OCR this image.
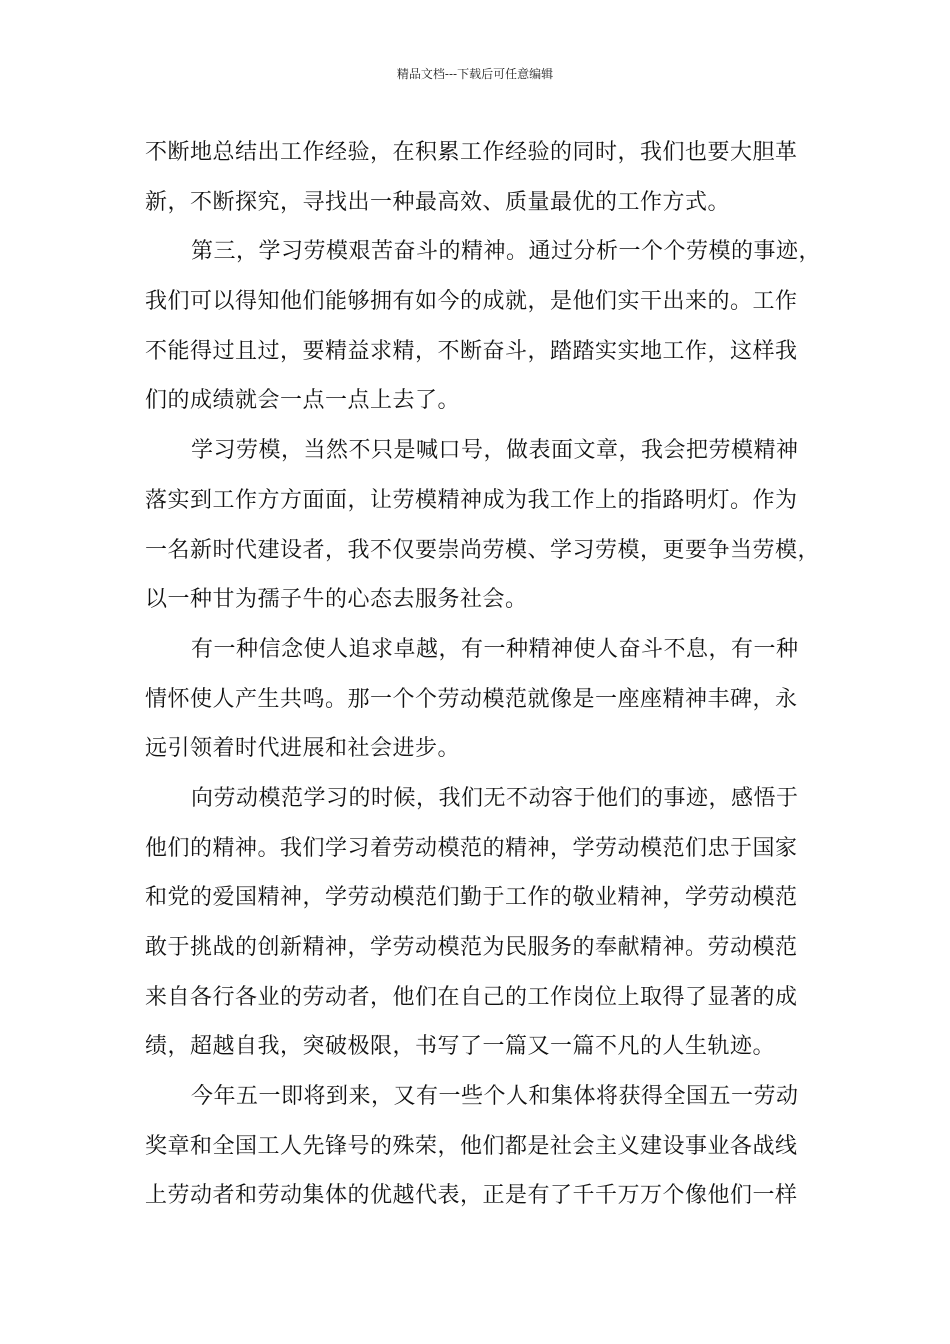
精品文档---下载后可任意编辑
不断地总结出工作经验，在积累工作经验的同时，我们也要大胆革
新，不断探究，寻找出一种最高效、质量最优的工作方式。
第三，学习劳模艰苦奋斗的精神。通过分析一个个劳模的事迹，
我们可以得知他们能够拥有如今的成就，是他们实干出来的。工作
不能得过且过，要精益求精，不断奋斗，踏踏实实地工作，这样我
们的成绩就会一点一点上去了。
学习劳模，当然不只是喊口号，做表面文章，我会把劳模精神
落实到工作方方面面，让劳模精神成为我工作上的指路明灯。作为
一名新时代建设者，我不仅要崇尚劳模、学习劳模，更要争当劳模，
以一种甘为孺子牛的心态去服务社会。
有一种信念使人追求卓越，有一种精神使人奋斗不息，有一种
情怀使人产生共鸣。那一个个劳动模范就像是一座座精神丰碑，永
远引领着时代进展和社会进步。
向劳动模范学习的时候，我们无不动容于他们的事迹，感悟于
他们的精神。我们学习着劳动模范的精神，学劳动模范们忠于国家
和党的爱国精神，学劳动模范们勤于工作的敬业精神，学劳动模范
敢于挑战的创新精神，学劳动模范为民服务的奉献精神。劳动模范
来自各行各业的劳动者，他们在自己的工作岗位上取得了显著的成
绩，超越自我，突破极限，书写了一篇又一篇不凡的人生轨迹。
今年五一即将到来，又有一些个人和集体将获得全国五一劳动
奖章和全国工人先锋号的殊荣，他们都是社会主义建设事业各战线
上劳动者和劳动集体的优越代表，正是有了千千万万个像他们一样
